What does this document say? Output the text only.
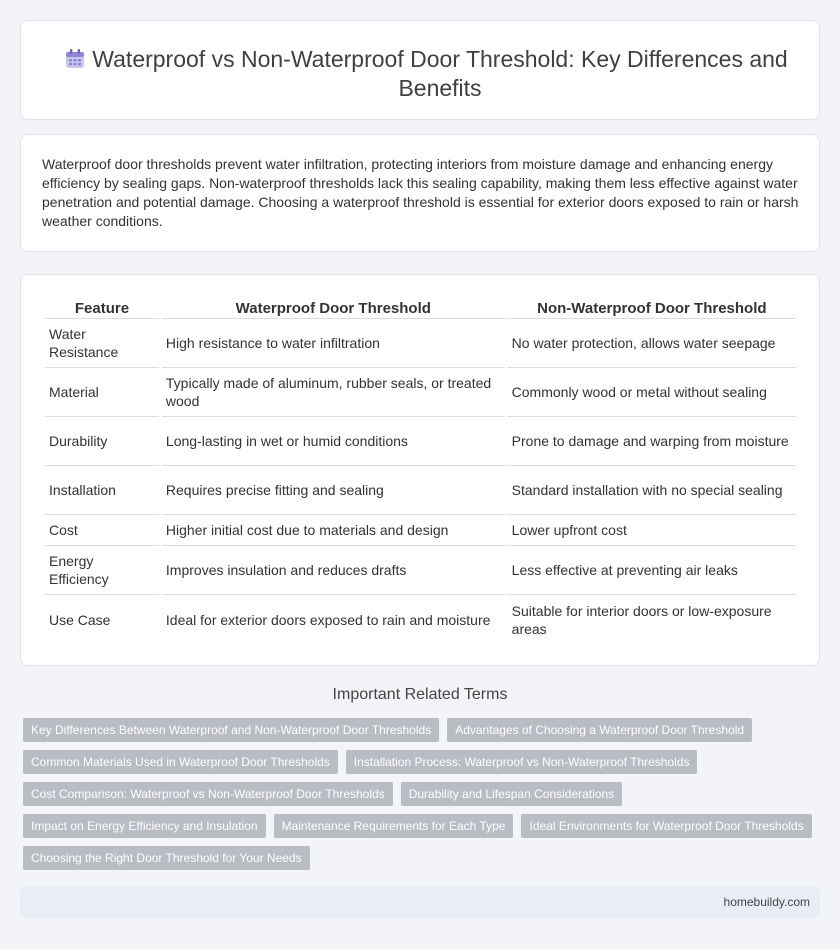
Waterproof vs Non-Waterproof Door Threshold: Key Differences and Benefits

Waterproof door thresholds prevent water infiltration, protecting interiors from moisture damage and enhancing energy efficiency by sealing gaps. Non-waterproof thresholds lack this sealing capability, making them less effective against water penetration and potential damage. Choosing a waterproof threshold is essential for exterior doors exposed to rain or harsh weather conditions.

Feature	Waterproof Door Threshold	Non-Waterproof Door Threshold
Water Resistance	High resistance to water infiltration	No water protection, allows water seepage
Material	Typically made of aluminum, rubber seals, or treated wood	Commonly wood or metal without sealing
Durability	Long-lasting in wet or humid conditions	Prone to damage and warping from moisture
Installation	Requires precise fitting and sealing	Standard installation with no special sealing
Cost	Higher initial cost due to materials and design	Lower upfront cost
Energy Efficiency	Improves insulation and reduces drafts	Less effective at preventing air leaks
Use Case	Ideal for exterior doors exposed to rain and moisture	Suitable for interior doors or low-exposure areas
Important Related Terms
Key Differences Between Waterproof and Non-Waterproof Door Thresholds	Advantages of Choosing a Waterproof Door Threshold
Common Materials Used in Waterproof Door Thresholds	Installation Process: Waterproof vs Non-Waterproof Thresholds
Cost Comparison: Waterproof vs Non-Waterproof Door Thresholds	Durability and Lifespan Considerations
Impact on Energy Efficiency and Insulation	Maintenance Requirements for Each Type	Ideal Environments for Waterproof Door Thresholds
Choosing the Right Door Threshold for Your Needs
homebuildy.com
